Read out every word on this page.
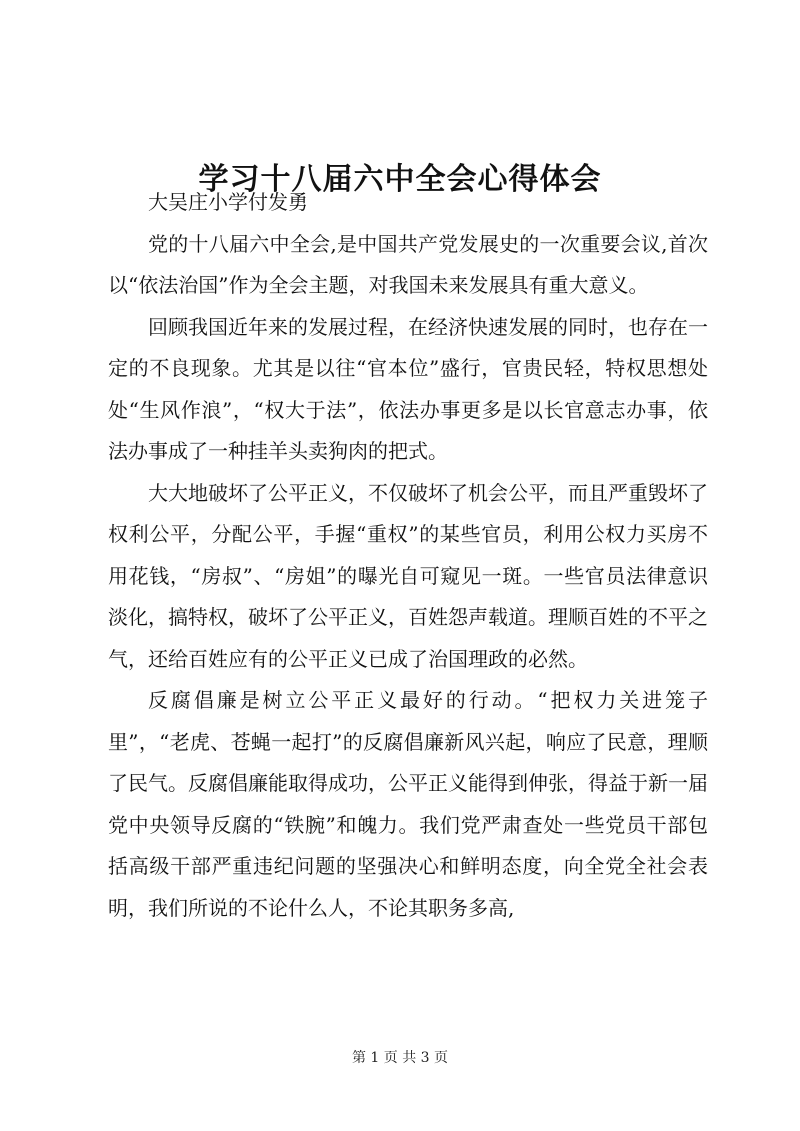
学习十八届六中全会心得体会

大吴庄小学付发勇

党的十八届六中全会,是中国共产党发展史的一次重要会议,首次以“依法治国”作为全会主题，对我国未来发展具有重大意义。

回顾我国近年来的发展过程，在经济快速发展的同时，也存在一定的不良现象。尤其是以往“官本位”盛行，官贵民轻，特权思想处处“生风作浪”，“权大于法”，依法办事更多是以长官意志办事，依法办事成了一种挂羊头卖狗肉的把式。

大大地破坏了公平正义，不仅破坏了机会公平，而且严重毁坏了权利公平，分配公平，手握“重权”的某些官员，利用公权力买房不用花钱，“房叔”、“房姐”的曝光自可窥见一斑。一些官员法律意识淡化，搞特权，破坏了公平正义，百姓怨声载道。理顺百姓的不平之气，还给百姓应有的公平正义已成了治国理政的必然。

反腐倡廉是树立公平正义最好的行动。“把权力关进笼子里”，“老虎、苍蝇一起打”的反腐倡廉新风兴起，响应了民意，理顺了民气。反腐倡廉能取得成功，公平正义能得到伸张，得益于新一届党中央领导反腐的“铁腕”和魄力。我们党严肃查处一些党员干部包括高级干部严重违纪问题的坚强决心和鲜明态度，向全党全社会表明，我们所说的不论什么人，不论其职务多高,

第 1 页 共 3 页
